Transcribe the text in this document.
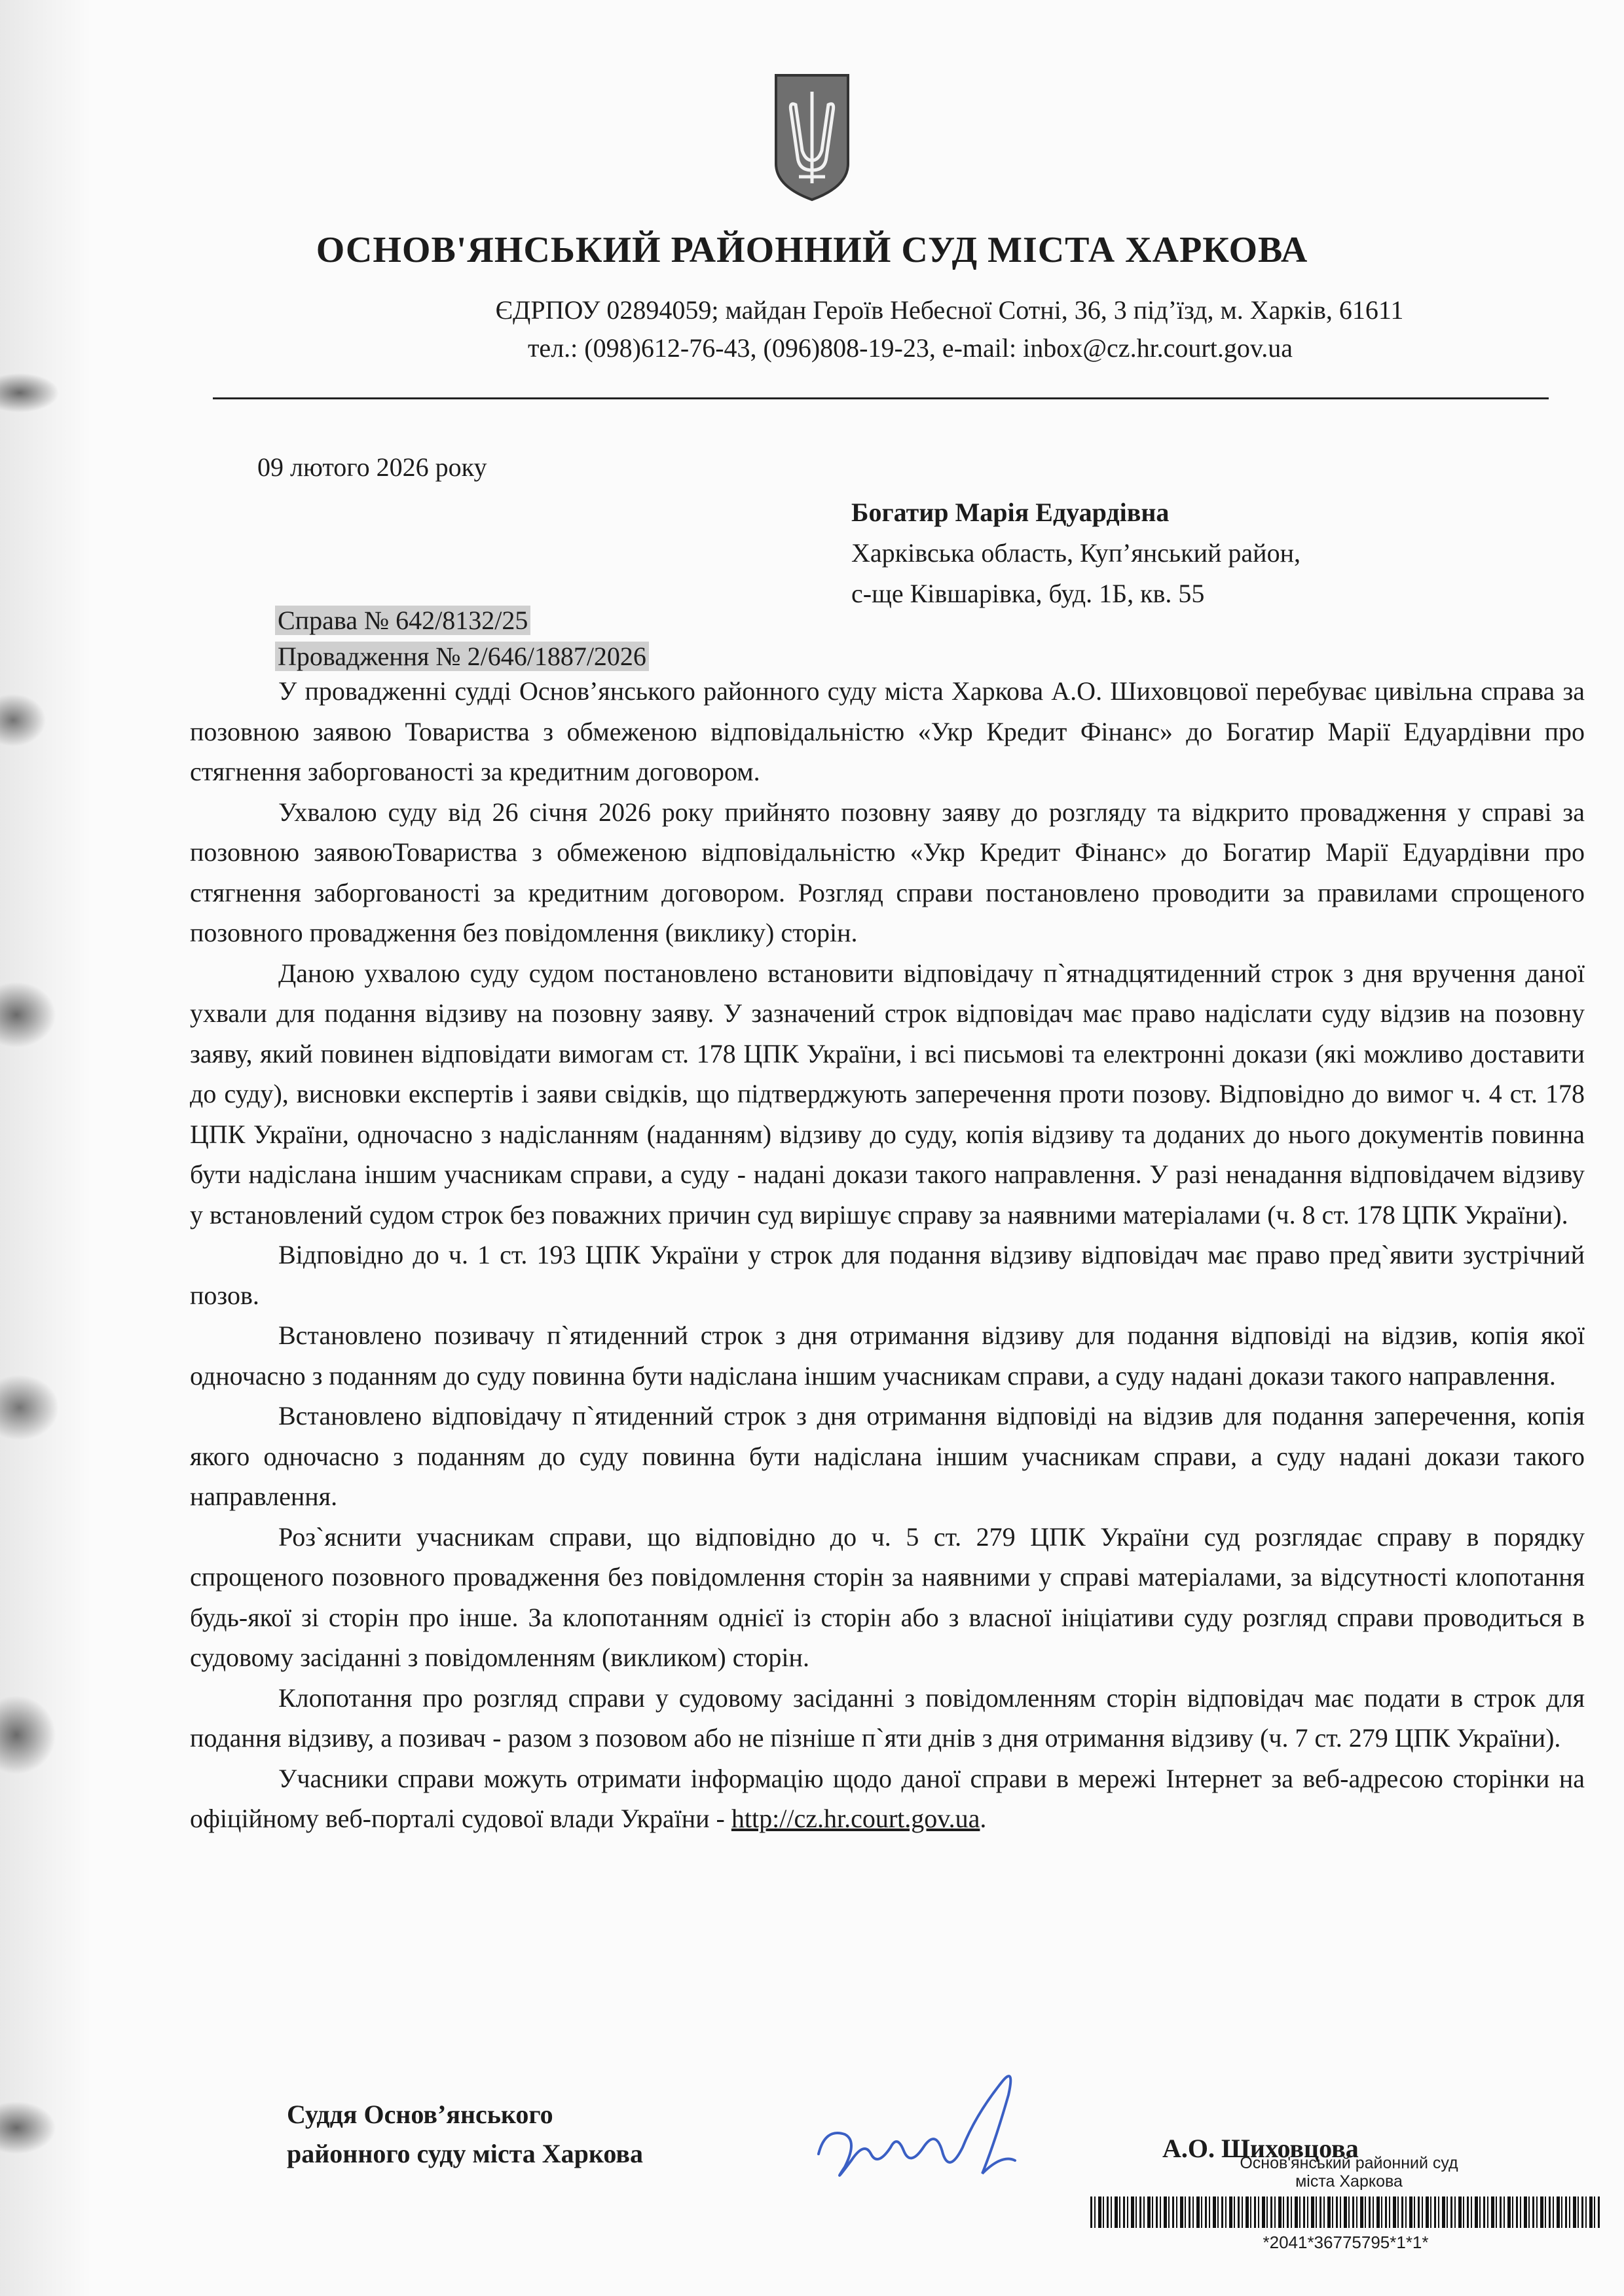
ОСНОВ'ЯНСЬКИЙ РАЙОННИЙ СУД МІСТА ХАРКОВА
ЄДРПОУ 02894059; майдан Героїв Небесної Сотні, 36, 3 під’їзд, м. Харків, 61611
тел.: (098)612-76-43, (096)808-19-23, e-mail: inbox@cz.hr.court.gov.ua
09 лютого 2026 року
Богатир Марія Едуардівна
Харківська область, Куп’янський район,
с-ще Ківшарівка, буд. 1Б, кв. 55
Справа № 642/8132/25
Провадження № 2/646/1887/2026

У провадженні судді Основ’янського районного суду міста Харкова А.О. Шиховцової перебуває цивільна справа за позовною заявою Товариства з обмеженою відповідальністю «Укр Кредит Фінанс» до Богатир Марії Едуардівни про стягнення заборгованості за кредитним договором.

Ухвалою суду від 26 січня 2026 року прийнято позовну заяву до розгляду та відкрито провадження у справі за позовною заявоюТовариства з обмеженою відповідальністю «Укр Кредит Фінанс» до Богатир Марії Едуардівни про стягнення заборгованості за кредитним договором. Розгляд справи постановлено проводити за правилами спрощеного позовного провадження без повідомлення (виклику) сторін.

Даною ухвалою суду судом постановлено встановити відповідачу п`ятнадцятиденний строк з дня вручення даної ухвали для подання відзиву на позовну заяву. У зазначений строк відповідач має право надіслати суду відзив на позовну заяву, який повинен відповідати вимогам ст. 178 ЦПК України, і всі письмові та електронні докази (які можливо доставити до суду), висновки експертів і заяви свідків, що підтверджують заперечення проти позову. Відповідно до вимог ч. 4 ст. 178 ЦПК України, одночасно з надісланням (наданням) відзиву до суду, копія відзиву та доданих до нього документів повинна бути надіслана іншим учасникам справи, а суду - надані докази такого направлення. У разі ненадання відповідачем відзиву у встановлений судом строк без поважних причин суд вирішує справу за наявними матеріалами (ч. 8 ст. 178 ЦПК України).

Відповідно до ч. 1 ст. 193 ЦПК України у строк для подання відзиву відповідач має право пред`явити зустрічний позов.

Встановлено позивачу п`ятиденний строк з дня отримання відзиву для подання відповіді на відзив, копія якої одночасно з поданням до суду повинна бути надіслана іншим учасникам справи, а суду надані докази такого направлення.

Встановлено відповідачу п`ятиденний строк з дня отримання відповіді на відзив для подання заперечення, копія якого одночасно з поданням до суду повинна бути надіслана іншим учасникам справи, а суду надані докази такого направлення.

Роз`яснити учасникам справи, що відповідно до ч. 5 ст. 279 ЦПК України суд розглядає справу в порядку спрощеного позовного провадження без повідомлення сторін за наявними у справі матеріалами, за відсутності клопотання будь-якої зі сторін про інше. За клопотанням однієї із сторін або з власної ініціативи суду розгляд справи проводиться в судовому засіданні з повідомленням (викликом) сторін.

Клопотання про розгляд справи у судовому засіданні з повідомленням сторін відповідач має подати в строк для подання відзиву, а позивач - разом з позовом або не пізніше п`яти днів з дня отримання відзиву (ч. 7 ст. 279 ЦПК України).

Учасники справи можуть отримати інформацію щодо даної справи в мережі Інтернет за веб-адресою сторінки на офіційному веб-порталі судової влади України - http://cz.hr.court.gov.ua.

Суддя Основ’янського
районного суду міста Харкова	А.О. Шиховцова
Основ'янський районний суд
міста Харкова
*2041*36775795*1*1*
